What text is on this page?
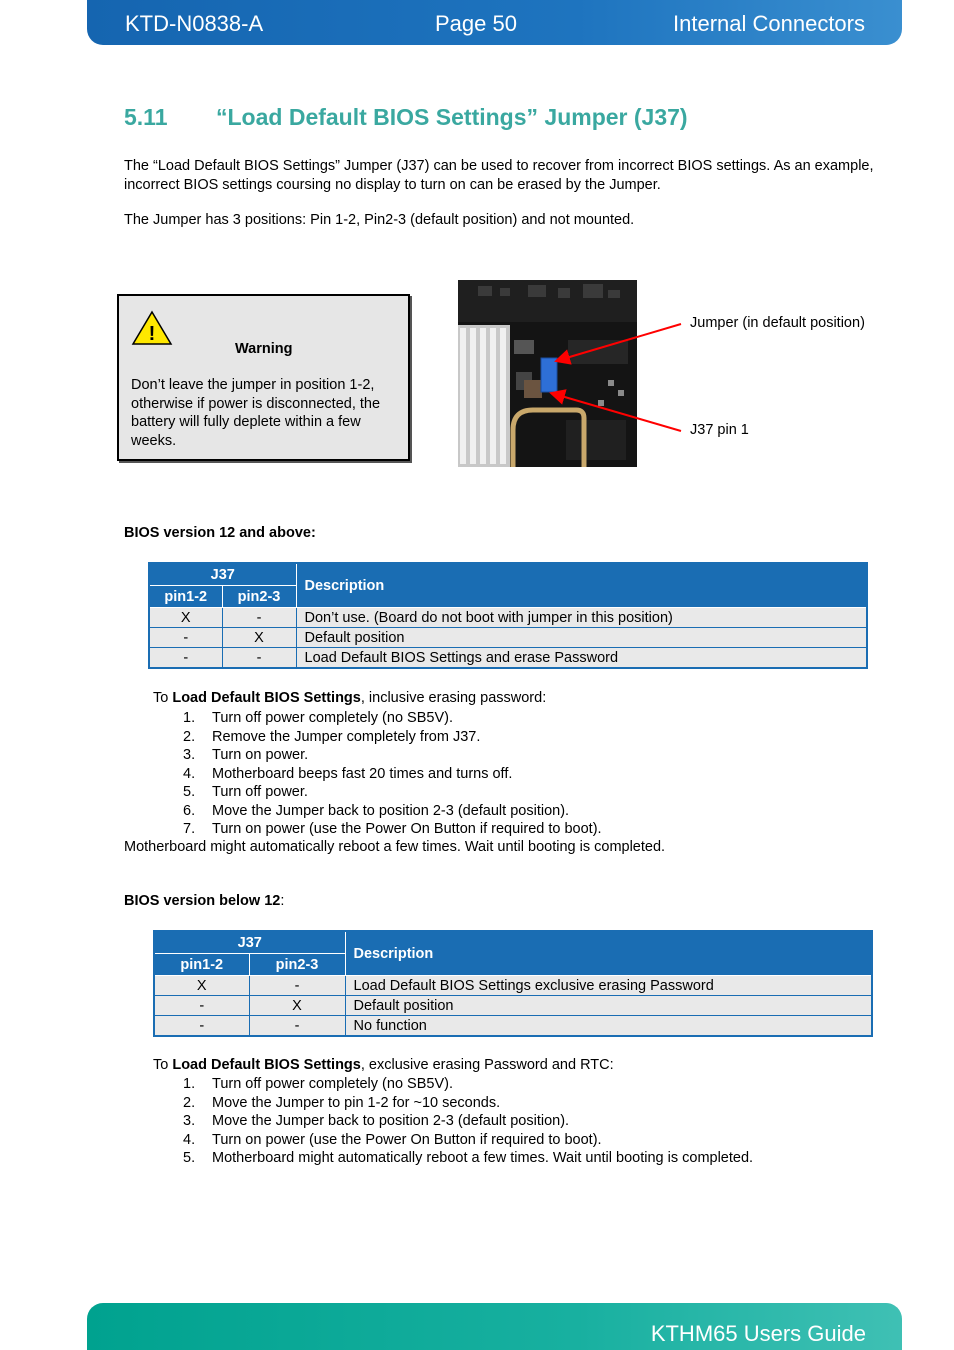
KTD-N0838-A	Page 50	Internal Connectors
5.11 “Load Default BIOS Settings” Jumper (J37)
The “Load Default BIOS Settings” Jumper (J37) can be used to recover from incorrect BIOS settings. As an example, incorrect BIOS settings coursing no display to turn on can be erased by the Jumper.
The Jumper has 3 positions: Pin 1-2, Pin2-3 (default position) and not mounted.
!
Warning
Don’t leave the jumper in position 1-2, otherwise if power is disconnected, the battery will fully deplete within a few weeks.
Jumper (in default position)
J37 pin 1
BIOS version 12 and above:
J37		Description
pin1-2	pin2-3	
X	-	Don’t use. (Board do not boot with jumper in this position)
-	X	Default position
-	-	Load Default BIOS Settings and erase Password
To Load Default BIOS Settings, inclusive erasing password:
1. Turn off power completely (no SB5V).
2. Remove the Jumper completely from J37.
3. Turn on power.
4. Motherboard beeps fast 20 times and turns off.
5. Turn off power.
6. Move the Jumper back to position 2-3 (default position).
7. Turn on power (use the Power On Button if required to boot).
Motherboard might automatically reboot a few times. Wait until booting is completed.
BIOS version below 12:
J37		Description
pin1-2	pin2-3	
X	-	Load Default BIOS Settings exclusive erasing Password
-	X	Default position
-	-	No function
To Load Default BIOS Settings, exclusive erasing Password and RTC:
1. Turn off power completely (no SB5V).
2. Move the Jumper to pin 1-2 for ~10 seconds.
3. Move the Jumper back to position 2-3 (default position).
4. Turn on power (use the Power On Button if required to boot).
5. Motherboard might automatically reboot a few times. Wait until booting is completed.
KTHM65 Users Guide
